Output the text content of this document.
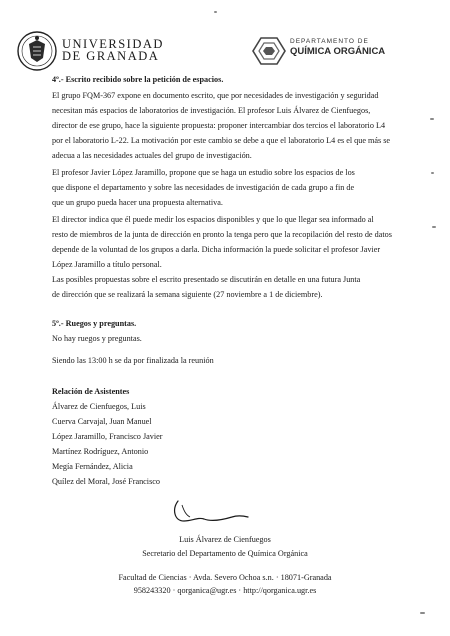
UNIVERSIDAD
DE GRANADA
DEPARTAMENTO DE
QUÍMICA ORGÁNICA
4º.- Escrito recibido sobre la petición de espacios.
El grupo FQM-367 expone en documento escrito, que por necesidades de investigación y seguridad
necesitan más espacios de laboratorios de investigación. El profesor Luis Álvarez de Cienfuegos,
director de ese grupo, hace la siguiente propuesta: proponer intercambiar dos tercios el laboratorio L4
por el laboratorio L-22. La motivación por este cambio se debe a que el laboratorio L4 es el que más se
adecua a las necesidades actuales del grupo de investigación.
El profesor Javier López Jaramillo, propone que se haga un estudio sobre los espacios de los
que dispone el departamento y sobre las necesidades de investigación de cada grupo a fin de
que un grupo pueda hacer una propuesta alternativa.
El director indica que él puede medir los espacios disponibles y que lo que llegar sea informado al
resto de miembros de la junta de dirección en pronto la tenga pero que la recopilación del resto de datos
depende de la voluntad de los grupos a darla. Dicha información la puede solicitar el profesor Javier
López Jaramillo a título personal.
Las posibles propuestas sobre el escrito presentado se discutirán en detalle en una futura Junta
de dirección que se realizará la semana siguiente (27 noviembre a 1 de diciembre).
5º.- Ruegos y preguntas.
No hay ruegos y preguntas.
Siendo las 13:00 h se da por finalizada la reunión
Relación de Asistentes
Álvarez de Cienfuegos, Luis
Cuerva Carvajal, Juan Manuel
López Jaramillo, Francisco Javier
Martínez Rodríguez, Antonio
Megía Fernández, Alicia
Quílez del Moral, José Francisco
Luis Álvarez de Cienfuegos
Secretario del Departamento de Química Orgánica
Facultad de Ciencias · Avda. Severo Ochoa s.n. · 18071-Granada
958243320 · qorganica@ugr.es · http://qorganica.ugr.es
